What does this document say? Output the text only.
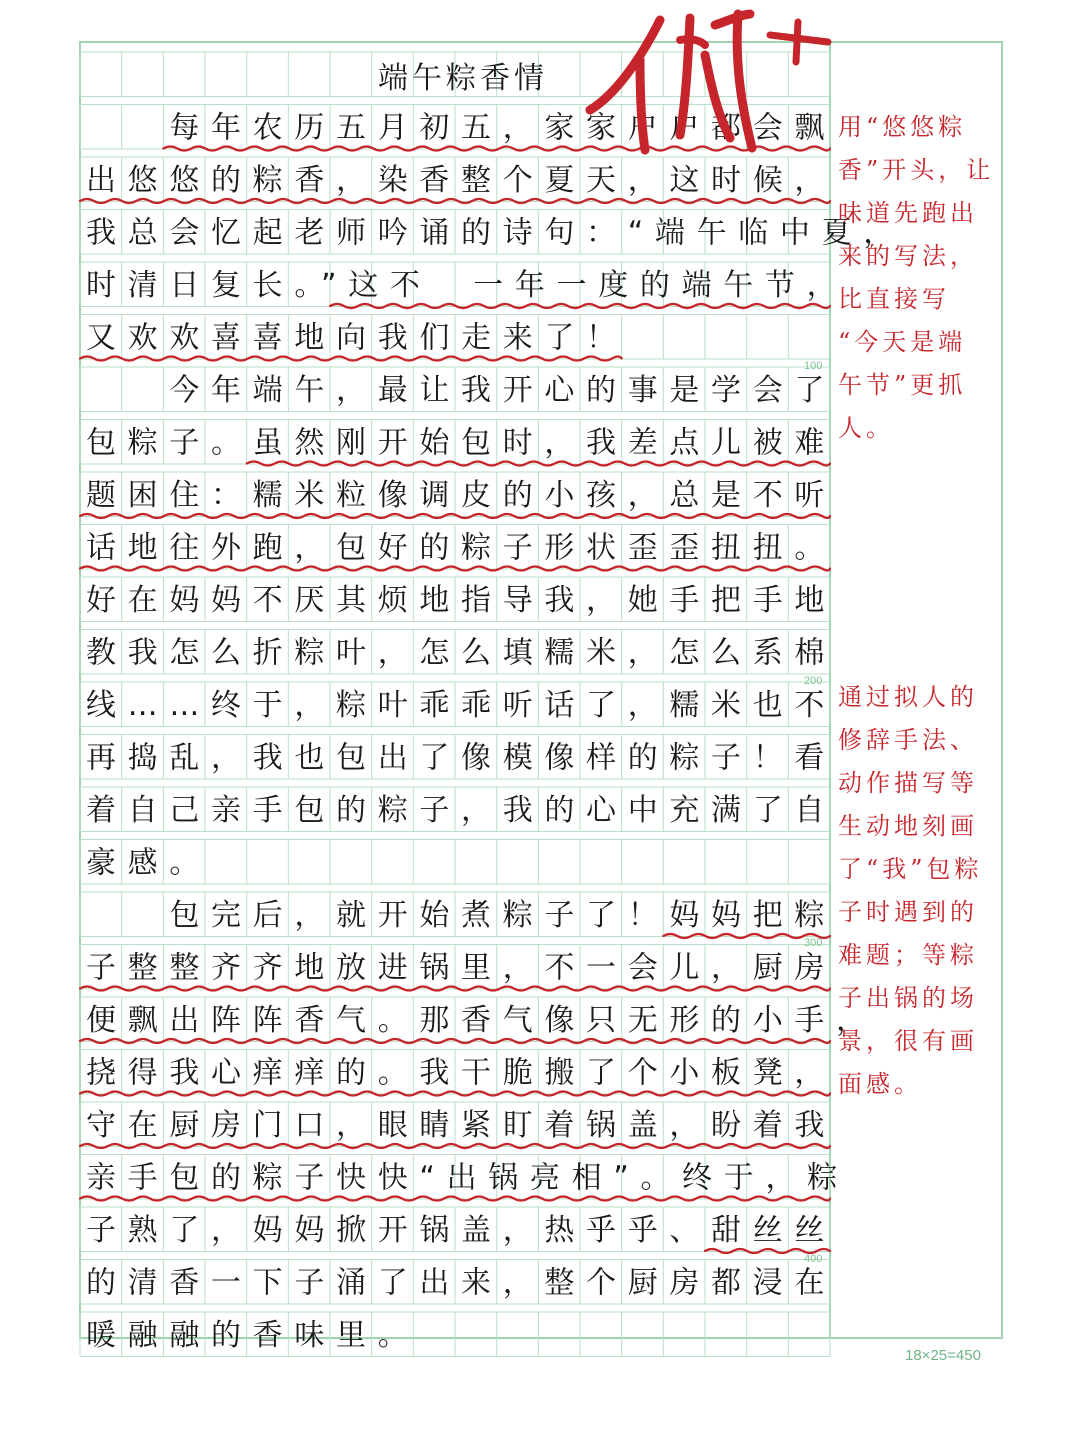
端午粽香情
　　每年农历五月初五，家家户户都会飘
出悠悠的粽香，染香整个夏天，这时候，
我总会忆起老师吟诵的诗句：“端午临中夏，
时清日复长。”这不　一年一度的端午节，
又欢欢喜喜地向我们走来了！
　　今年端午，最让我开心的事是学会了
包粽子。虽然刚开始包时，我差点儿被难
题困住：糯米粒像调皮的小孩，总是不听
话地往外跑，包好的粽子形状歪歪扭扭。
好在妈妈不厌其烦地指导我，她手把手地
教我怎么折粽叶，怎么填糯米，怎么系棉
线……终于，粽叶乖乖听话了，糯米也不
再捣乱，我也包出了像模像样的粽子！看
着自己亲手包的粽子，我的心中充满了自
豪感。
　　包完后，就开始煮粽子了！妈妈把粽
子整整齐齐地放进锅里，不一会儿，厨房
便飘出阵阵香气。那香气像只无形的小手，
挠得我心痒痒的。我干脆搬了个小板凳，
守在厨房门口，眼睛紧盯着锅盖，盼着我
亲手包的粽子快快“出锅亮相”。终于，粽
子熟了，妈妈掀开锅盖，热乎乎、甜丝丝
的清香一下子涌了出来，整个厨房都浸在
暖融融的香味里。
100
200
300
400
用“悠悠粽
香”开头，让
味道先跑出
来的写法，
比直接写
“今天是端
午节”更抓
人。
通过拟人的
修辞手法、
动作描写等
生动地刻画
了“我”包粽
子时遇到的
难题；等粽
子出锅的场
景，很有画
面感。
18×25=450
